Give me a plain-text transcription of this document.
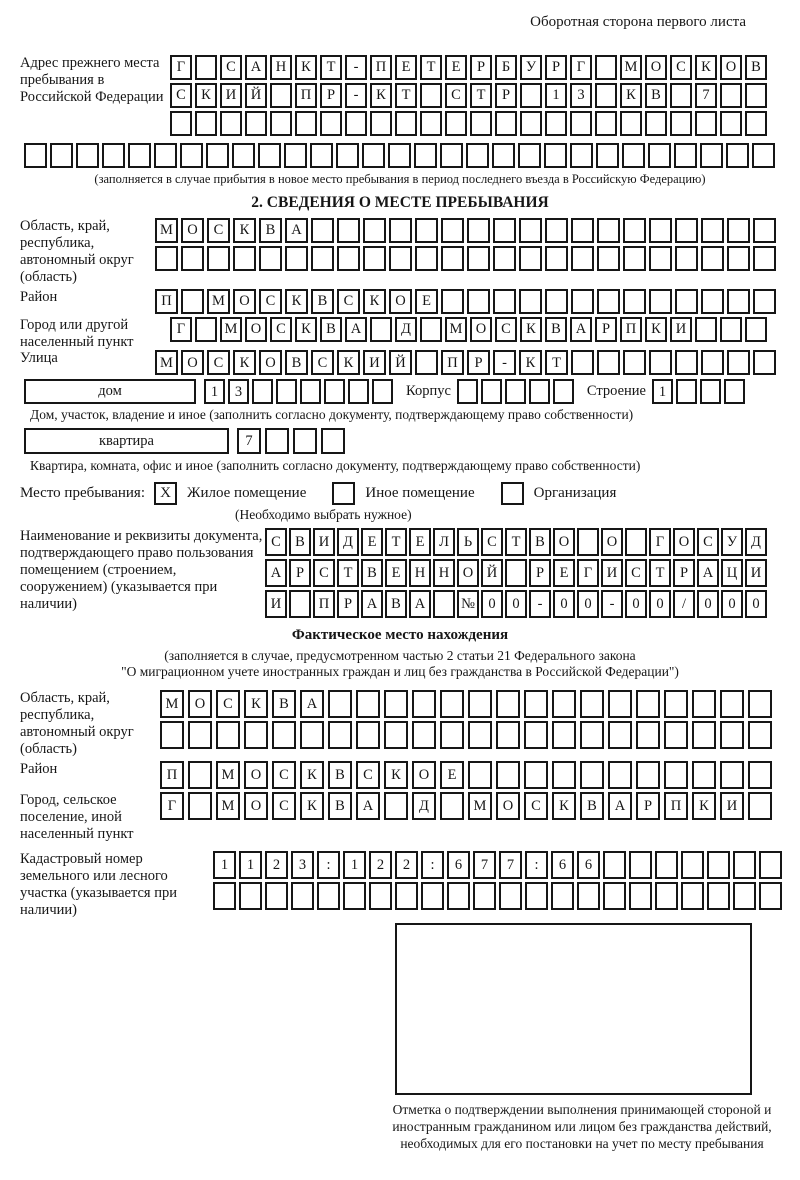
Оборотная сторона первого листа
Адрес прежнего места пребывания в Российской Федерации
Г	С	А	Н	К	Т	-	П	Е	Т	Е	Р	Б	У	Р	Г	М О	С	К	О	В
С	К	И	Й	П	Р	-	К	Т	С	Т	Р	1	3	К	В	7
(заполняется в случае прибытия в новое место пребывания в период последнего въезда в Российскую Федерацию)
2. СВЕДЕНИЯ О МЕСТЕ ПРЕБЫВАНИЯ
Область, край, республика, автономный округ (область)
М О	С	К	В	А
Район	П	М О	С	К	В	С	К	О	Е
Город или другой населенный пункт
Г	М О	С	К	В	А	Д	М О	С	К	В	А	Р	П	К	И
Улица	М О	С	К	О	В	С	К	И	Й	П	Р	-	К	Т
дом	1	3	Корпус	Строение 1
Дом, участок, владение и иное (заполнить согласно документу, подтверждающему право собственности)
квартира	7
Квартира, комната, офис и иное (заполнить согласно документу, подтверждающему право собственности)
Место пребывания:	X	Жилое помещение	Иное помещение	Организация
(Необходимо выбрать нужное)
Наименование и реквизиты документа, подтверждающего право пользования помещением (строением, сооружением) (указывается при наличии)
С В И Д	Е	Т	Е	Л	Ь	С	Т	В О	О	Г	О С У Д
А	Р	С	Т	В	Е Н Н О Й	Р	Е	Г	И С	Т	Р	А Ц И
И	П	Р	А В А	№ 0	0	-	0	0	-	0	0	/	0	0	0
Фактическое место нахождения
(заполняется в случае, предусмотренном частью 2 статьи 21 Федерального закона
"О миграционном учете иностранных граждан и лиц без гражданства в Российской Федерации")
Область, край, республика, автономный округ (область)
М	О	С	К	В	А
Район	П	М	О	С	К	В	С	К	О	Е
Город, сельское поселение, иной населенный пункт
Г	М	О	С	К	В	А	Д	М	О	С	К	В	А	Р	П	К	И
Кадастровый номер земельного или лесного участка (указывается при наличии)
1	1	2	3	:	1	2	2	:	6	7	7	:	6	6
Отметка о подтверждении выполнения принимающей стороной и иностранным гражданином или лицом без гражданства действий, необходимых для его постановки на учет по месту пребывания
